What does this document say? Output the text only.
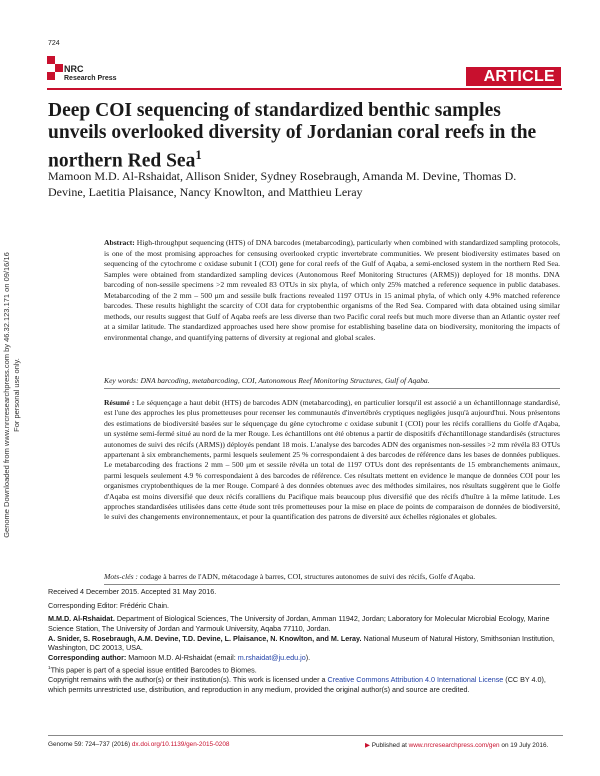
724
NRC
Research Press	ARTICLE
Deep COI sequencing of standardized benthic samples unveils overlooked diversity of Jordanian coral reefs in the northern Red Sea$^1$
Mamoon M.D. Al-Rshaidat, Allison Snider, Sydney Rosebraugh, Amanda M. Devine, Thomas D. Devine, Laetitia Plaisance, Nancy Knowlton, and Matthieu Leray
Genome Downloaded from www.nrcresearchpress.com by 46.32.123.171 on 09/16/16 For personal use only.
Abstract: High-throughput sequencing (HTS) of DNA barcodes (metabarcoding), particularly when combined with standardized sampling protocols, is one of the most promising approaches for censusing overlooked cryptic invertebrate communities. We present biodiversity estimates based on sequencing of the cytochrome c oxidase subunit I (COI) gene for coral reefs of the Gulf of Aqaba, a semi-enclosed system in the northern Red Sea. Samples were obtained from standardized sampling devices (Autonomous Reef Monitoring Structures (ARMS)) deployed for 18 months. DNA barcoding of non-sessile specimens >2 mm revealed 83 OTUs in six phyla, of which only 25% matched a reference sequence in public databases. Metabarcoding of the 2 mm – 500 μm and sessile bulk fractions revealed 1197 OTUs in 15 animal phyla, of which only 4.9% matched reference barcodes. These results highlight the scarcity of COI data for cryptobenthic organisms of the Red Sea. Compared with data obtained using similar methods, our results suggest that Gulf of Aqaba reefs are less diverse than two Pacific coral reefs but much more diverse than an Atlantic oyster reef at a similar latitude. The standardized approaches used here show promise for establishing baseline data on biodiversity, monitoring the impacts of environmental change, and quantifying patterns of diversity at regional and global scales.
Key words: DNA barcoding, metabarcoding, COI, Autonomous Reef Monitoring Structures, Gulf of Aqaba.
Résumé : Le séquençage a haut debit (HTS) de barcodes ADN (metabarcoding), en particulier lorsqu'il est associé a un échantillonnage standardisé, est l'une des approches les plus prometteuses pour recenser les communautés d'invertébrés cryptiques negligées jusqu'à aujourd'hui. Nous présentons des estimations de biodiversité basées sur le séquençage du gène cytochrome c oxidase subunit I (COI) pour les récifs coralliens du Golfe d'Aqaba, un système semi-fermé situé au nord de la mer Rouge. Les échantillons ont été obtenus a partir de dispositifs d'échantillonage standardisés (structures autonomes de suivi des récifs (ARMS)) déployés pendant 18 mois. L'analyse des barcodes ADN des organismes non-sessiles >2 mm révéla 83 OTUs appartenant à six embranchements, parmi lesquels seulement 25 % correspondaient à des barcodes de référence dans les bases de données publiques. Le metabarcoding des fractions 2 mm – 500 μm et sessile révéla un total de 1197 OTUs dont des représentants de 15 embranchements animaux, parmi lesquels seulement 4.9 % correspondaient à des barcodes de référence. Ces résultats mettent en evidence le manque de données COI pour les organismes cryptobenthiques de la mer Rouge. Comparé à des données obtenues avec des méthodes similaires, nos résultats suggèrent que le Golfe d'Aqaba est moins diversifié que deux récifs coralliens du Pacifique mais beaucoup plus diversifié que des récifs d'huître à la même latitude. Les approches standardisées utilisées dans cette étude sont très prometteuses pour la mise en place de points de comparaison de données de biodiversité, le suivi des changements environnementaux, et pour la quantification des patrons de diversité aux échelles régionales et globales.
Mots-clés : codage à barres de l'ADN, métacodage à barres, COI, structures autonomes de suivi des récifs, Golfe d'Aqaba.
Received 4 December 2015. Accepted 31 May 2016.
Corresponding Editor: Frédéric Chain.

M.M.D. Al-Rshaidat. Department of Biological Sciences, The University of Jordan, Amman 11942, Jordan; Laboratory for Molecular Microbial Ecology, Marine Science Station, The University of Jordan and Yarmouk University, Aqaba 77110, Jordan.

A. Snider, S. Rosebraugh, A.M. Devine, T.D. Devine, L. Plaisance, N. Knowlton, and M. Leray. National Museum of Natural History, Smithsonian Institution, Washington, DC 20013, USA.

Corresponding author: Mamoon M.D. Al-Rshaidat (email: m.rshaidat@ju.edu.jo).

$^1$This paper is part of a special issue entitled Barcodes to Biomes.

Copyright remains with the author(s) or their institution(s). This work is licensed under a Creative Commons Attribution 4.0 International License (CC BY 4.0), which permits unrestricted use, distribution, and reproduction in any medium, provided the original author(s) and source are credited.

Genome 59: 724–737 (2016) dx.doi.org/10.1139/gen-2015-0208	▶ Published at www.nrcresearchpress.com/gen on 19 July 2016.
